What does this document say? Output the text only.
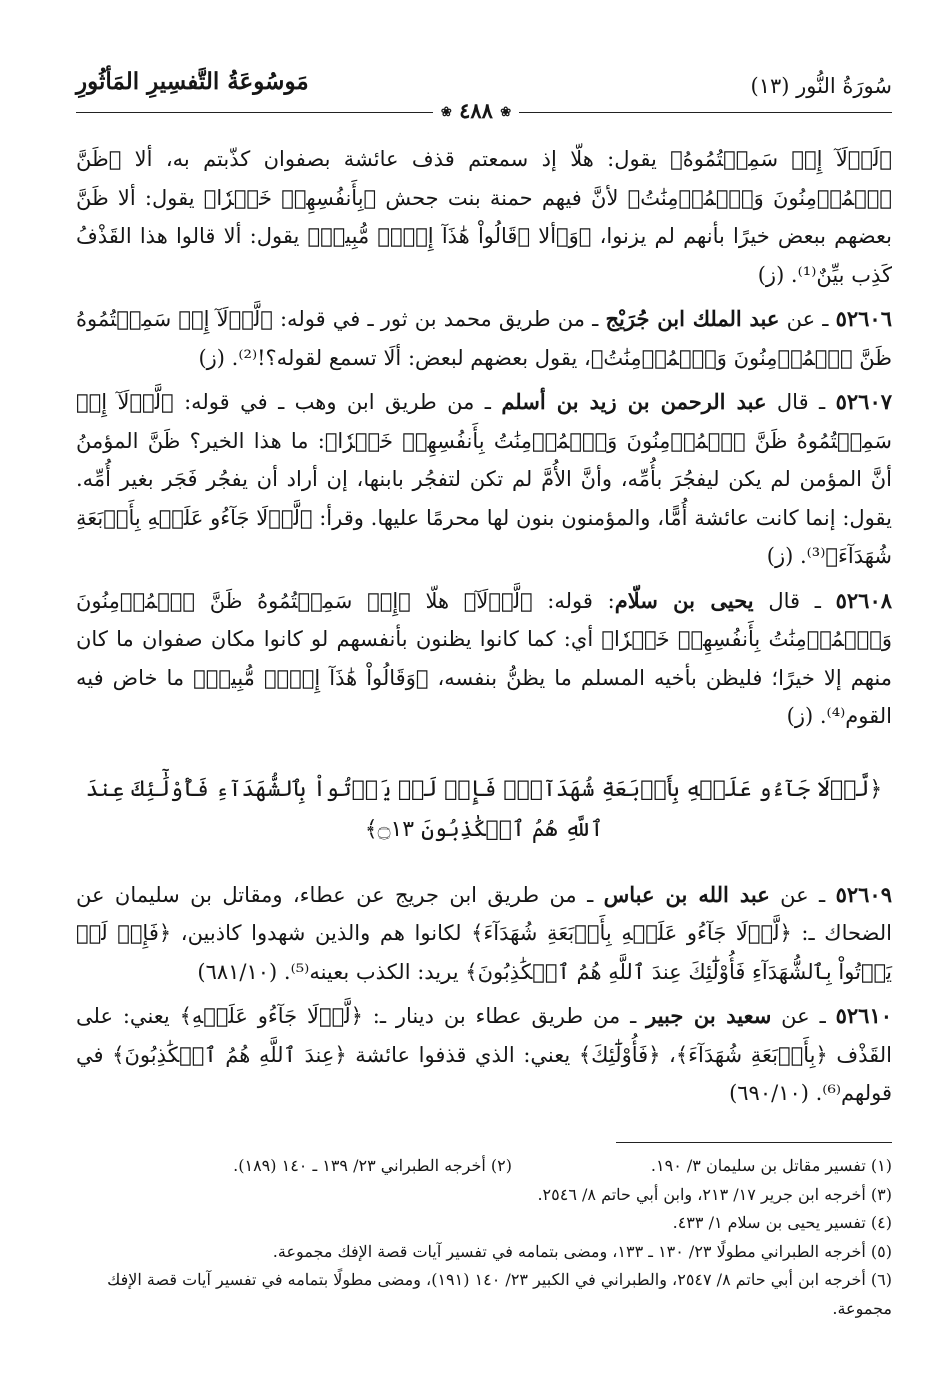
سُورَةُ النُّور (١٣)
مَوسُوعَةُ التَّفسِيرِ المَأثُورِ
❀ ٤٨٨ ❀

﴿لَوۡلَآ إِذۡ سَمِعۡتُمُوهُ﴾ يقول: هلّا إذ سمعتم قذف عائشة بصفوان كذّبتم به، ألا ﴿ظَنَّ ٱلۡمُؤۡمِنُونَ وَٱلۡمُؤۡمِنَٰتُ﴾ لأنَّ فيهم حمنة بنت جحش ﴿بِأَنفُسِهِمۡ خَيۡرٗا﴾ يقول: ألا ظَنَّ بعضهم ببعض خيرًا بأنهم لم يزنوا، ﴿وَ﴾ألا ﴿قَالُواْ هَٰذَآ إِفۡكٞ مُّبِينٞ﴾ يقول: ألا قالوا هذا القَذْفُ كَذِب بيِّنٌ⁽¹⁾. (ز)

٥٢٦٠٦ ـ عن عبد الملك ابن جُرَيْج ـ من طريق محمد بن ثور ـ في قوله: ﴿لَّوۡلَآ إِذۡ سَمِعۡتُمُوهُ ظَنَّ ٱلۡمُؤۡمِنُونَ وَٱلۡمُؤۡمِنَٰتُ﴾، يقول بعضهم لبعض: ألَا تسمع لقوله؟!⁽²⁾. (ز)

٥٢٦٠٧ ـ قال عبد الرحمن بن زيد بن أسلم ـ من طريق ابن وهب ـ في قوله: ﴿لَّوۡلَآ إِذۡ سَمِعۡتُمُوهُ ظَنَّ ٱلۡمُؤۡمِنُونَ وَٱلۡمُؤۡمِنَٰتُ بِأَنفُسِهِمۡ خَيۡرٗا﴾: ما هذا الخير؟ ظَنَّ المؤمنُ أنَّ المؤمن لم يكن ليفجُرَ بأُمِّه، وأنَّ الأُمَّ لم تكن لتفجُر بابنها، إن أراد أن يفجُر فَجَر بغير أُمِّه. يقول: إنما كانت عائشة أُمًّا، والمؤمنون بنون لها محرمًا عليها. وقرأ: ﴿لَّوۡلَا جَآءُو عَلَيۡهِ بِأَرۡبَعَةِ شُهَدَآءَ﴾⁽³⁾. (ز)

٥٢٦٠٨ ـ قال يحيى بن سلّام: قوله: ﴿لَّوۡلَآ﴾ هلّا ﴿إِذۡ سَمِعۡتُمُوهُ ظَنَّ ٱلۡمُؤۡمِنُونَ وَٱلۡمُؤۡمِنَٰتُ بِأَنفُسِهِمۡ خَيۡرٗا﴾ أي: كما كانوا يظنون بأنفسهم لو كانوا مكان صفوان ما كان منهم إلا خيرًا؛ فليظن بأخيه المسلم ما يظنُّ بنفسه، ﴿وَقَالُواْ هَٰذَآ إِفۡكٞ مُّبِينٞ﴾ ما خاض فيه القوم⁽⁴⁾. (ز)

﴿لَّوۡلَا جَآءُو عَلَيۡهِ بِأَرۡبَعَةِ شُهَدَآءَۚ فَإِذۡ لَمۡ يَأۡتُواْ بِٱلشُّهَدَآءِ فَأُوْلَٰٓئِكَ عِندَ ٱللَّهِ هُمُ ٱلۡكَٰذِبُونَ ۝١٣﴾

٥٢٦٠٩ ـ عن عبد الله بن عباس ـ من طريق ابن جريج عن عطاء، ومقاتل بن سليمان عن الضحاك ـ: ﴿لَّوۡلَا جَآءُو عَلَيۡهِ بِأَرۡبَعَةِ شُهَدَآءَ﴾ لكانوا هم والذين شهدوا كاذبين، ﴿فَإِذۡ لَمۡ يَأۡتُواْ بِٱلشُّهَدَآءِ فَأُوْلَٰٓئِكَ عِندَ ٱللَّهِ هُمُ ٱلۡكَٰذِبُونَ﴾ يريد: الكذب بعينه⁽⁵⁾. (٦٨١/١٠)

٥٢٦١٠ ـ عن سعيد بن جبير ـ من طريق عطاء بن دينار ـ: ﴿لَّوۡلَا جَآءُو عَلَيۡهِ﴾ يعني: على القَذْف ﴿بِأَرۡبَعَةِ شُهَدَآءَ﴾، ﴿فَأُوْلَٰٓئِكَ﴾ يعني: الذي قذفوا عائشة ﴿عِندَ ٱللَّهِ هُمُ ٱلۡكَٰذِبُونَ﴾ في قولهم⁽⁶⁾. (٦٩٠/١٠)

(١) تفسير مقاتل بن سليمان ٣/ ١٩٠.
(٢) أخرجه الطبراني ٢٣/ ١٣٩ ـ ١٤٠ (١٨٩).
(٣) أخرجه ابن جرير ١٧/ ٢١٣، وابن أبي حاتم ٨/ ٢٥٤٦.
(٤) تفسير يحيى بن سلام ١/ ٤٣٣.
(٥) أخرجه الطبراني مطولًا ٢٣/ ١٣٠ ـ ١٣٣، ومضى بتمامه في تفسير آيات قصة الإفك مجموعة.
(٦) أخرجه ابن أبي حاتم ٨/ ٢٥٤٧، والطبراني في الكبير ٢٣/ ١٤٠ (١٩١)، ومضى مطولًا بتمامه في تفسير آيات قصة الإفك مجموعة.
